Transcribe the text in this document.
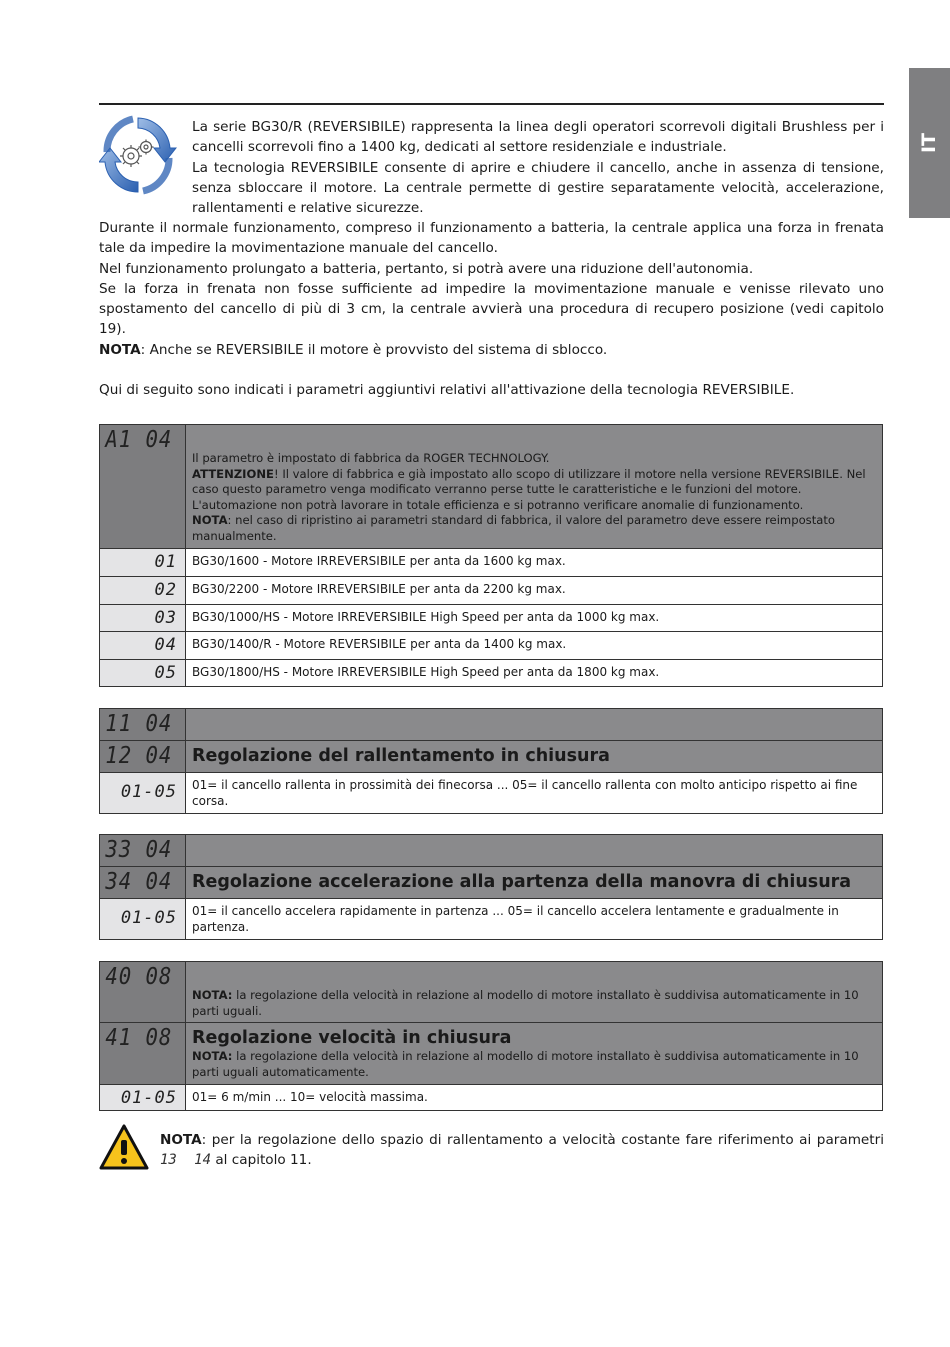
IT

La serie BG30/R (REVERSIBILE) rappresenta la linea degli operatori scorrevoli digitali Brushless per i cancelli scorrevoli fino a 1400 kg, dedicati al settore residenziale e industriale.

La tecnologia REVERSIBILE consente di aprire e chiudere il cancello, anche in assenza di tensione, senza sbloccare il motore. La centrale permette di gestire separatamente velocità, accelerazione, rallentamenti e relative sicurezze.

Durante il normale funzionamento, compreso il funzionamento a batteria, la centrale applica una forza in frenata tale da impedire la movimentazione manuale del cancello.

Nel funzionamento prolungato a batteria, pertanto, si potrà avere una riduzione dell'autonomia.

Se la forza in frenata non fosse sufficiente ad impedire la movimentazione manuale e venisse rilevato uno spostamento del cancello di più di 3 cm, la centrale avvierà una procedura di recupero posizione (vedi capitolo 19).

NOTA: Anche se REVERSIBILE il motore è provvisto del sistema di sblocco.

Qui di seguito sono indicati i parametri aggiuntivi relativi all'attivazione della tecnologia REVERSIBILE.

A1 04	Il parametro è impostato di fabbrica da ROGER TECHNOLOGY.
ATTENZIONE! Il valore di fabbrica e già impostato allo scopo di utilizzare il motore nella versione REVERSIBILE. Nel caso questo parametro venga modificato verranno perse tutte le caratteristiche e le funzioni del motore. L'automazione non potrà lavorare in totale efficienza e si potranno verificare anomalie di funzionamento.
NOTA: nel caso di ripristino ai parametri standard di fabbrica, il valore del parametro deve essere reimpostato manualmente.

01	BG30/1600 - Motore IRREVERSIBILE per anta da 1600 kg max.

02	BG30/2200 - Motore IRREVERSIBILE per anta da 2200 kg max.

03	BG30/1000/HS - Motore IRREVERSIBILE High Speed per anta da 1000 kg max.

04	BG30/1400/R - Motore REVERSIBILE per anta da 1400 kg max.

05	BG30/1800/HS - Motore IRREVERSIBILE High Speed per anta da 1800 kg max.
11 04	

12 04	Regolazione del rallentamento in chiusura

01-05	01= il cancello rallenta in prossimità dei finecorsa ... 05= il cancello rallenta con molto anticipo rispetto ai fine corsa.
33 04	

34 04	Regolazione accelerazione alla partenza della manovra di chiusura

01-05	01= il cancello accelera rapidamente in partenza ... 05= il cancello accelera lentamente e gradualmente in partenza.
40 08	NOTA: la regolazione della velocità in relazione al modello di motore installato è suddivisa automaticamente in 10 parti uguali.

41 08	Regolazione velocità in chiusura
NOTA: la regolazione della velocità in relazione al modello di motore installato è suddivisa automaticamente in 10 parti uguali automaticamente.

01-05	01= 6 m/min ... 10= velocità massima.

NOTA: per la regolazione dello spazio di rallentamento a velocità costante fare riferimento ai parametri 13 14 al capitolo 11.
